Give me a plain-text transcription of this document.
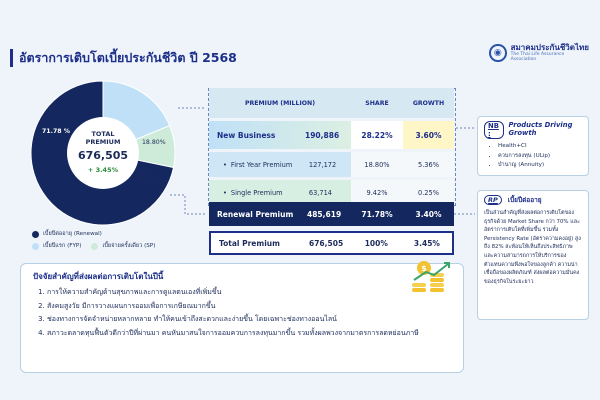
อัตราการเติบโตเบี้ยประกันชีวิต ปี 2568	◉
สมาคมประกันชีวิตไทย
The Thai Life Assurance Association
TOTAL
PREMIUM
676,505
+ 3.45%
71.78 %
18.80%
9.42%
เบี้ยปีต่ออายุ (Renewal)
เบี้ยปีแรก (FYP)	เบี้ยจ่ายครั้งเดียว (SP)
PREMIUM (MILLION)	SHARE	GROWTH
New Business	190,886	28.22%	3.60%
• First Year Premium	127,172	18.80%	5.36%
• Single Premium	63,714	9.42%	0.25%
Renewal Premium	485,619	71.78%	3.40%
Total Premium	676,505	100%	3.45%
NB :
Products Driving Growth
• Health+CI
• ควบการลงทุน (ULip)
• บำนาญ (Annuity)
RP	เบี้ยปีต่ออายุ
เป็นส่วนสำคัญที่ส่งผลต่อการเติบโตของธุรกิจด้วย Market Share กว่า 70% และอัตราการเติบโตที่เพิ่มขึ้น รวมทั้ง Persistency Rate (อัตราความคงอยู่) สูงถึง 82% สะท้อนให้เห็นถึงประสิทธิภาพและความสามารถการให้บริการของตัวแทนความพึงพอใจของลูกค้า ความน่าเชื่อถือของผลิตภัณฑ์ ส่งผลต่อความมั่นคงของธุรกิจในระยะยาว
ปัจจัยสำคัญที่ส่งผลต่อการเติบโตในปีนี้
1. การให้ความสำคัญด้านสุขภาพและการดูแลตนเองที่เพิ่มขึ้น
2. สังคมสูงวัย มีการวางแผนการออมเพื่อการเกษียณมากขึ้น
3. ช่องทางการจัดจำหน่ายหลากหลาย ทำให้คนเข้าถึงสะดวกและง่ายขึ้น โดยเฉพาะช่องทางออนไลน์
4. สภาวะตลาดทุนฟื้นตัวดีกว่าปีที่ผ่านมา คนหันมาสนใจการออมควบการลงทุนมากขึ้น รวมทั้งผลพวงจากมาตรการลดหย่อนภาษี
$
